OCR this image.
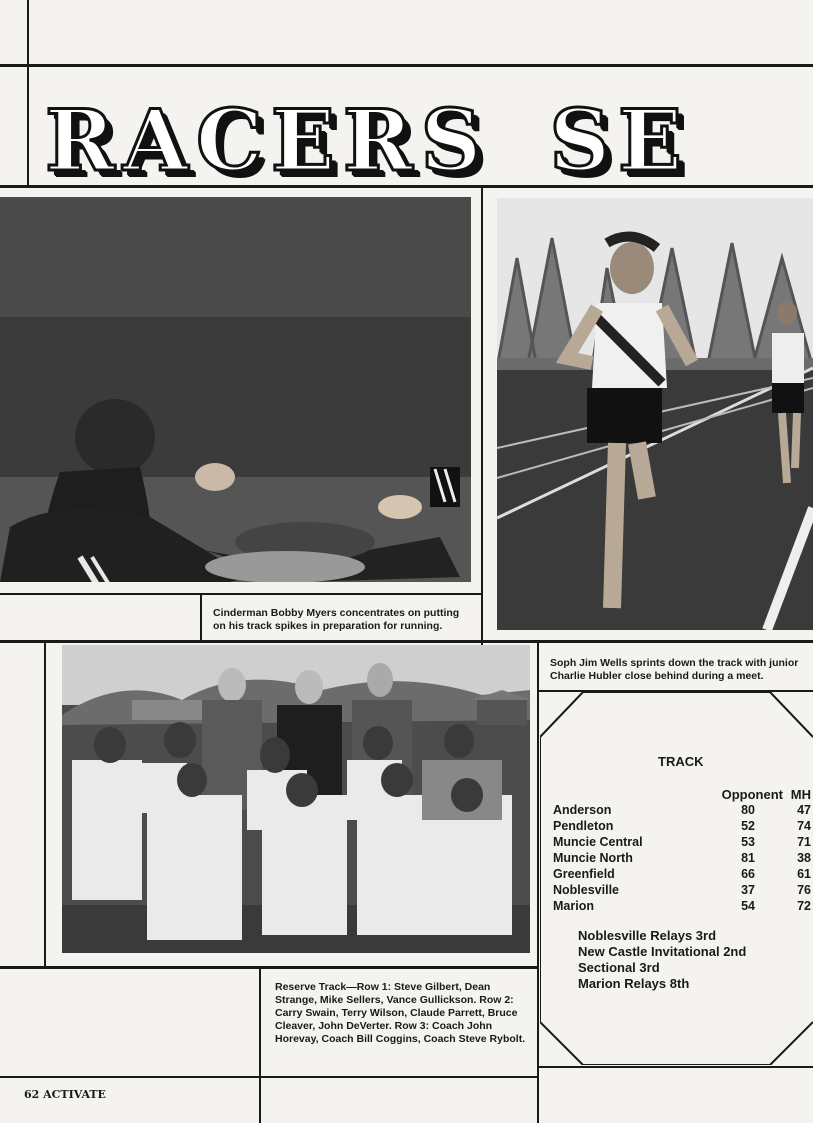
RACERS SE
Cinderman Bobby Myers concentrates on putting on his track spikes in preparation for running.
Soph Jim Wells sprints down the track with junior Charlie Hubler close behind during a meet.
Reserve Track—Row 1: Steve Gilbert, Dean Strange, Mike Sellers, Vance Gullickson. Row 2: Carry Swain, Terry Wilson, Claude Parrett, Bruce Cleaver, John DeVerter. Row 3: Coach John Horevay, Coach Bill Coggins, Coach Steve Rybolt.
TRACK
Opponent MH
Anderson	80	47
Pendleton	52	74
Muncie Central	53	71
Muncie North	81	38
Greenfield	66	61
Noblesville	37	76
Marion	54	72
Noblesville Relays 3rd
New Castle Invitational 2nd
Sectional 3rd
Marion Relays 8th
62 ACTIVATE
